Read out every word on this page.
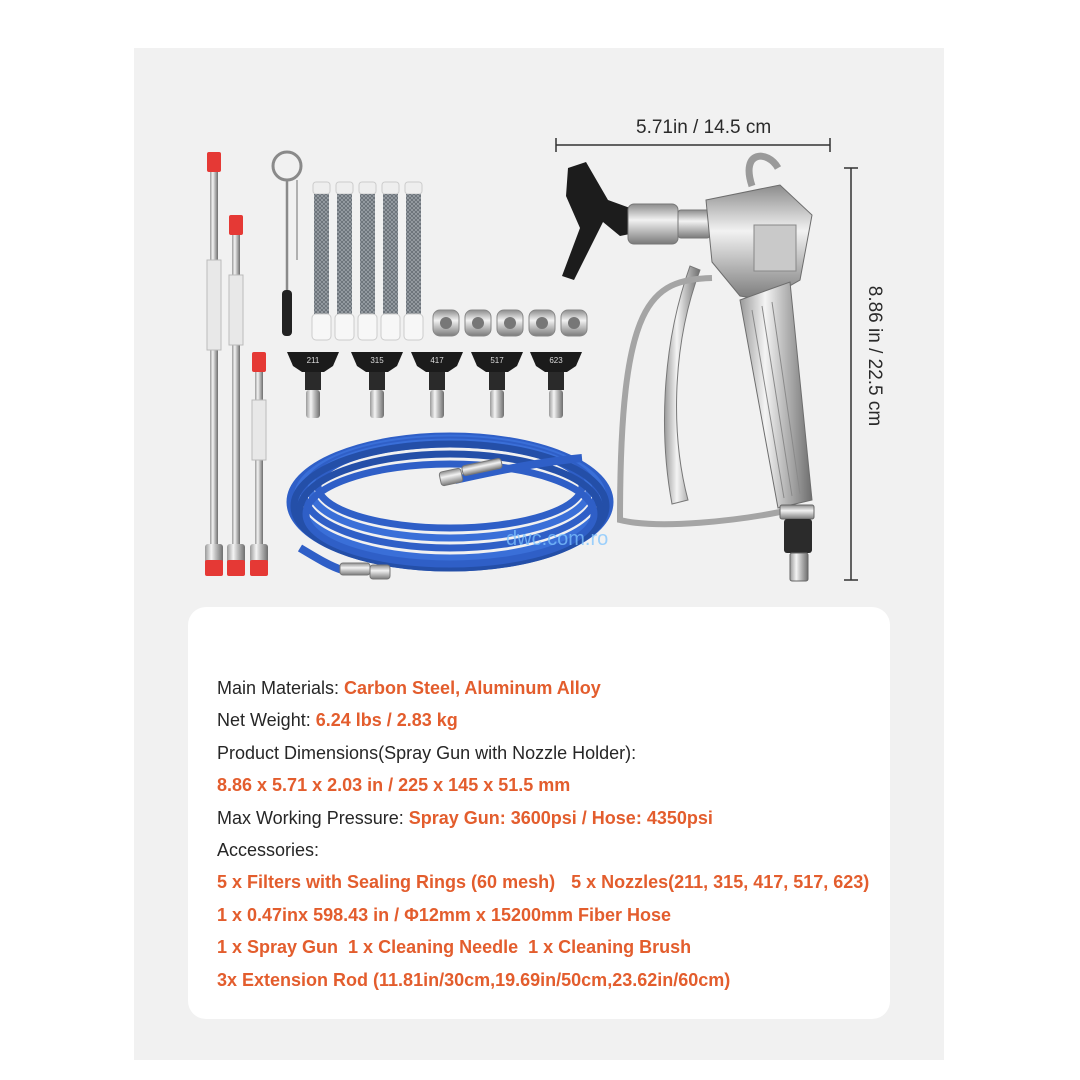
211	315	417	517	623
5.71in / 14.5 cm
8.86 in / 22.5 cm
dwc.com.ro
Main Materials: Carbon Steel, Aluminum Alloy
Net Weight: 6.24 lbs / 2.83 kg
Product Dimensions(Spray Gun with Nozzle Holder):
8.86 x 5.71 x 2.03 in / 225 x 145 x 51.5 mm
Max Working Pressure: Spray Gun: 3600psi / Hose: 4350psi
Accessories:
5 x Filters with Sealing Rings (60 mesh) 5 x Nozzles(211, 315, 417, 517, 623)
1 x 0.47inx 598.43 in / Φ12mm x 15200mm Fiber Hose
1 x Spray Gun 1 x Cleaning Needle 1 x Cleaning Brush
3x Extension Rod (11.81in/30cm,19.69in/50cm,23.62in/60cm)
